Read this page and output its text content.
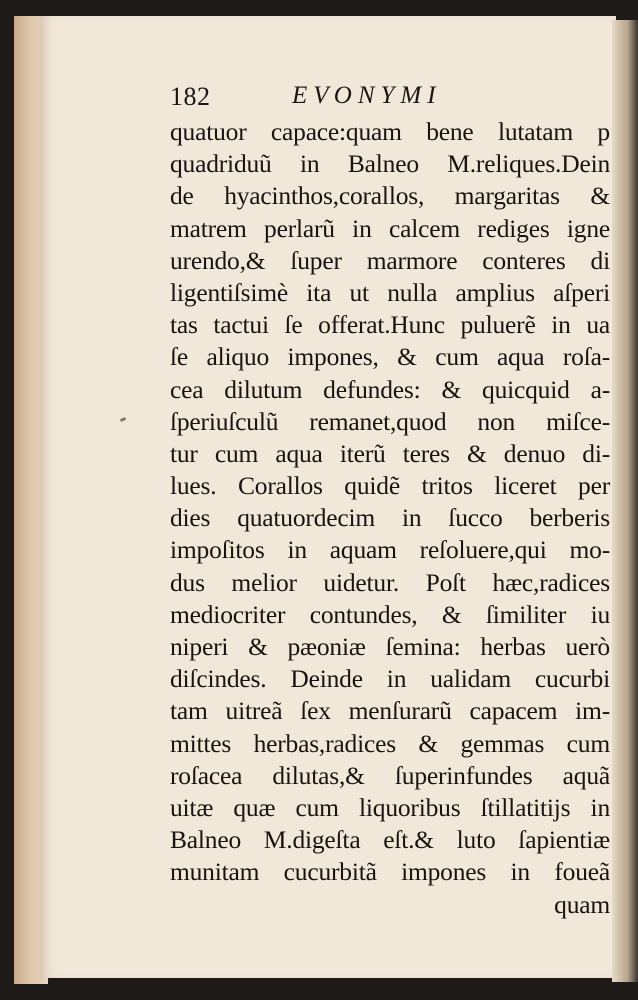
182	EVONYMI
quatuor capace:quam bene lutatam p
quadriduũ in Balneo M.reliques.Dein
de hyacinthos,corallos, margaritas &
matrem perlarũ in calcem rediges igne
urendo,& ſuper marmore conteres di
ligentiſsimè ita ut nulla amplius aſperi
tas tactui ſe offerat.Hunc puluerẽ in ua
ſe aliquo impones, & cum aqua roſa-
cea dilutum defundes: & quicquid a-
ſperiuſculũ remanet,quod non miſce-
tur cum aqua iterũ teres & denuo di-
lues. Corallos quidẽ tritos liceret per
dies quatuordecim in ſucco berberis
impoſitos in aquam reſoluere,qui mo-
dus melior uidetur. Poſt hæc,radices
mediocriter contundes, & ſimiliter iu
niperi & pæoniæ ſemina: herbas uerò
diſcindes. Deinde in ualidam cucurbi
tam uitreã ſex menſurarũ capacem im-
mittes herbas,radices & gemmas cum
roſacea dilutas,& ſuperinfundes aquã
uitæ quæ cum liquoribus ſtillatitijs in
Balneo M.digeſta eſt.& luto ſapientiæ
munitam cucurbitã impones in foueã
quam
